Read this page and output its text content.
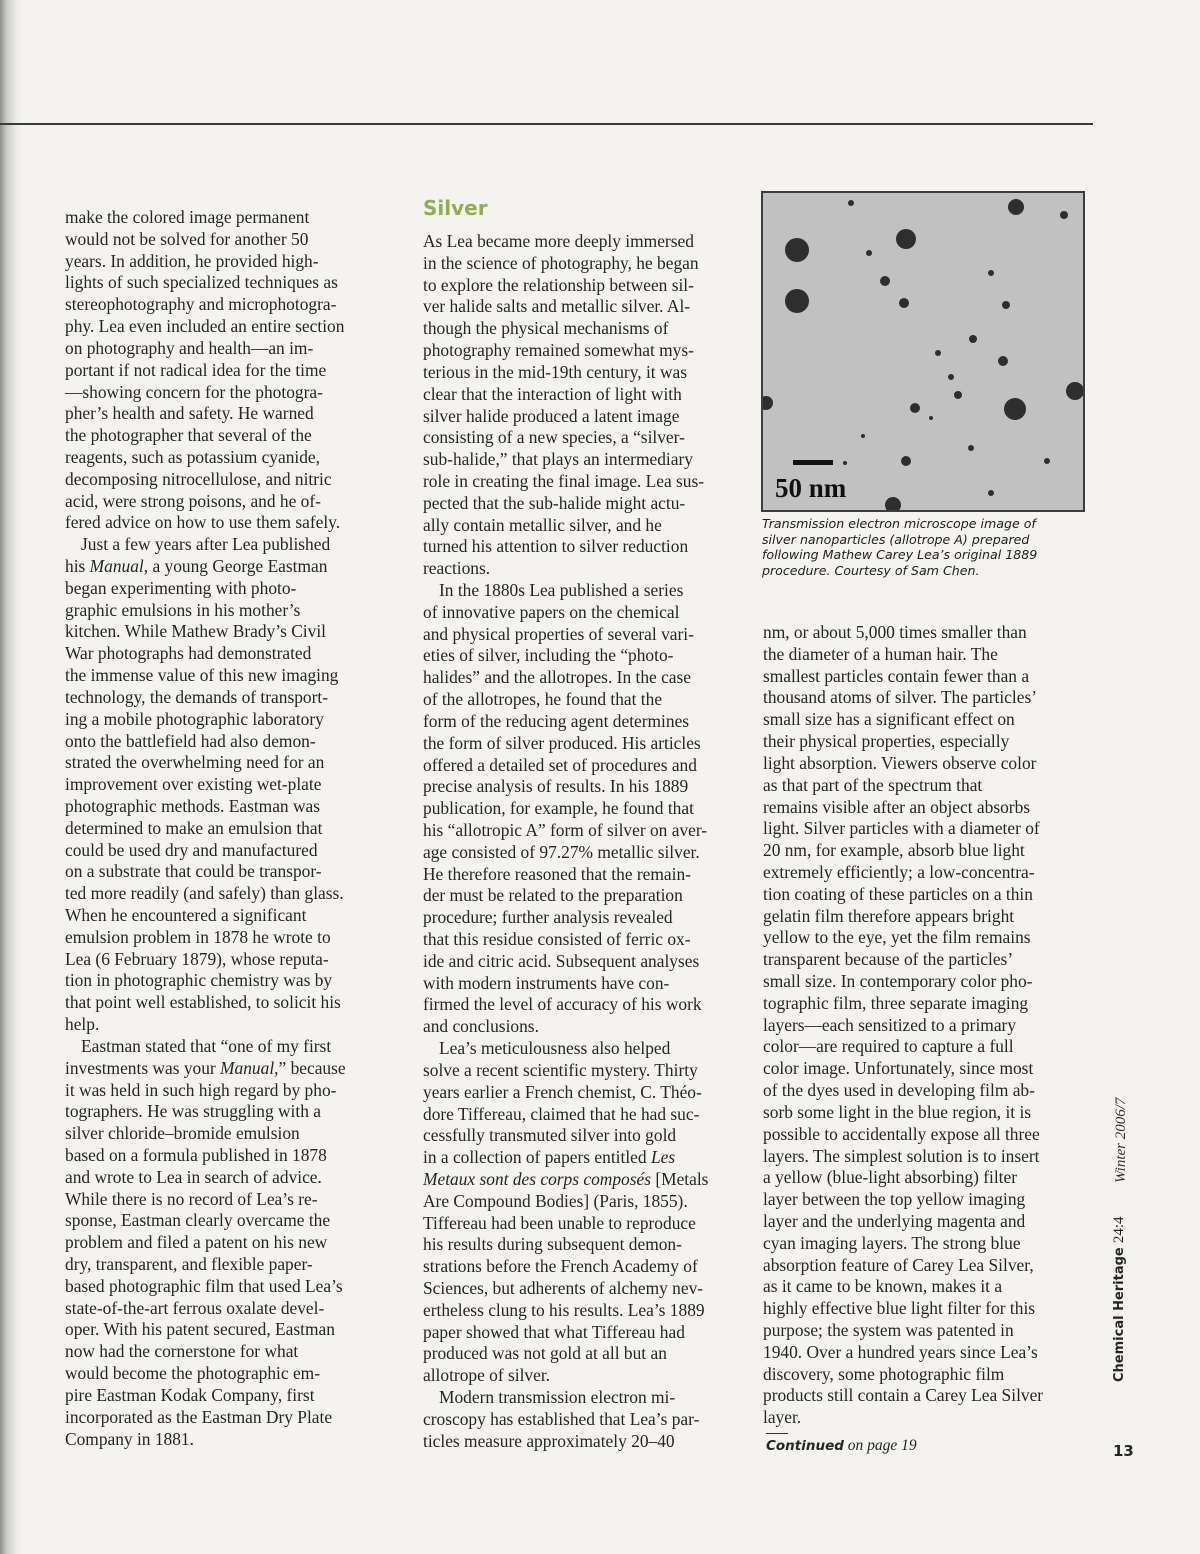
make the colored image permanent
would not be solved for another 50
years. In addition, he provided high-
lights of such specialized techniques as
stereophotography and microphotogra-
phy. Lea even included an entire section
on photography and health—an im-
portant if not radical idea for the time
—showing concern for the photogra-
pher’s health and safety. He warned
the photographer that several of the
reagents, such as potassium cyanide,
decomposing nitrocellulose, and nitric
acid, were strong poisons, and he of-
fered advice on how to use them safely.
Just a few years after Lea published
his Manual, a young George Eastman
began experimenting with photo-
graphic emulsions in his mother’s
kitchen. While Mathew Brady’s Civil
War photographs had demonstrated
the immense value of this new imaging
technology, the demands of transport-
ing a mobile photographic laboratory
onto the battlefield had also demon-
strated the overwhelming need for an
improvement over existing wet-plate
photographic methods. Eastman was
determined to make an emulsion that
could be used dry and manufactured
on a substrate that could be transpor-
ted more readily (and safely) than glass.
When he encountered a significant
emulsion problem in 1878 he wrote to
Lea (6 February 1879), whose reputa-
tion in photographic chemistry was by
that point well established, to solicit his
help.
Eastman stated that “one of my first
investments was your Manual,” because
it was held in such high regard by pho-
tographers. He was struggling with a
silver chloride–bromide emulsion
based on a formula published in 1878
and wrote to Lea in search of advice.
While there is no record of Lea’s re-
sponse, Eastman clearly overcame the
problem and filed a patent on his new
dry, transparent, and flexible paper-
based photographic film that used Lea’s
state-of-the-art ferrous oxalate devel-
oper. With his patent secured, Eastman
now had the cornerstone for what
would become the photographic em-
pire Eastman Kodak Company, first
incorporated as the Eastman Dry Plate
Company in 1881.
Silver
As Lea became more deeply immersed
in the science of photography, he began
to explore the relationship between sil-
ver halide salts and metallic silver. Al-
though the physical mechanisms of
photography remained somewhat mys-
terious in the mid-19th century, it was
clear that the interaction of light with
silver halide produced a latent image
consisting of a new species, a “silver-
sub-halide,” that plays an intermediary
role in creating the final image. Lea sus-
pected that the sub-halide might actu-
ally contain metallic silver, and he
turned his attention to silver reduction
reactions.
In the 1880s Lea published a series
of innovative papers on the chemical
and physical properties of several vari-
eties of silver, including the “photo-
halides” and the allotropes. In the case
of the allotropes, he found that the
form of the reducing agent determines
the form of silver produced. His articles
offered a detailed set of procedures and
precise analysis of results. In his 1889
publication, for example, he found that
his “allotropic A” form of silver on aver-
age consisted of 97.27% metallic silver.
He therefore reasoned that the remain-
der must be related to the preparation
procedure; further analysis revealed
that this residue consisted of ferric ox-
ide and citric acid. Subsequent analyses
with modern instruments have con-
firmed the level of accuracy of his work
and conclusions.
Lea’s meticulousness also helped
solve a recent scientific mystery. Thirty
years earlier a French chemist, C. Théo-
dore Tiffereau, claimed that he had suc-
cessfully transmuted silver into gold
in a collection of papers entitled Les
Metaux sont des corps composés [Metals
Are Compound Bodies] (Paris, 1855).
Tiffereau had been unable to reproduce
his results during subsequent demon-
strations before the French Academy of
Sciences, but adherents of alchemy nev-
ertheless clung to his results. Lea’s 1889
paper showed that what Tiffereau had
produced was not gold at all but an
allotrope of silver.
Modern transmission electron mi-
croscopy has established that Lea’s par-
ticles measure approximately 20–40
50 nm
Transmission electron microscope image of
silver nanoparticles (allotrope A) prepared
following Mathew Carey Lea’s original 1889
procedure. Courtesy of Sam Chen.
nm, or about 5,000 times smaller than
the diameter of a human hair. The
smallest particles contain fewer than a
thousand atoms of silver. The particles’
small size has a significant effect on
their physical properties, especially
light absorption. Viewers observe color
as that part of the spectrum that
remains visible after an object absorbs
light. Silver particles with a diameter of
20 nm, for example, absorb blue light
extremely efficiently; a low-concentra-
tion coating of these particles on a thin
gelatin film therefore appears bright
yellow to the eye, yet the film remains
transparent because of the particles’
small size. In contemporary color pho-
tographic film, three separate imaging
layers—each sensitized to a primary
color—are required to capture a full
color image. Unfortunately, since most
of the dyes used in developing film ab-
sorb some light in the blue region, it is
possible to accidentally expose all three
layers. The simplest solution is to insert
a yellow (blue-light absorbing) filter
layer between the top yellow imaging
layer and the underlying magenta and
cyan imaging layers. The strong blue
absorption feature of Carey Lea Silver,
as it came to be known, makes it a
highly effective blue light filter for this
purpose; the system was patented in
1940. Over a hundred years since Lea’s
discovery, some photographic film
products still contain a Carey Lea Silver
layer.
Continued on page 19
Winter 2006/7
Chemical Heritage 24:4
13
